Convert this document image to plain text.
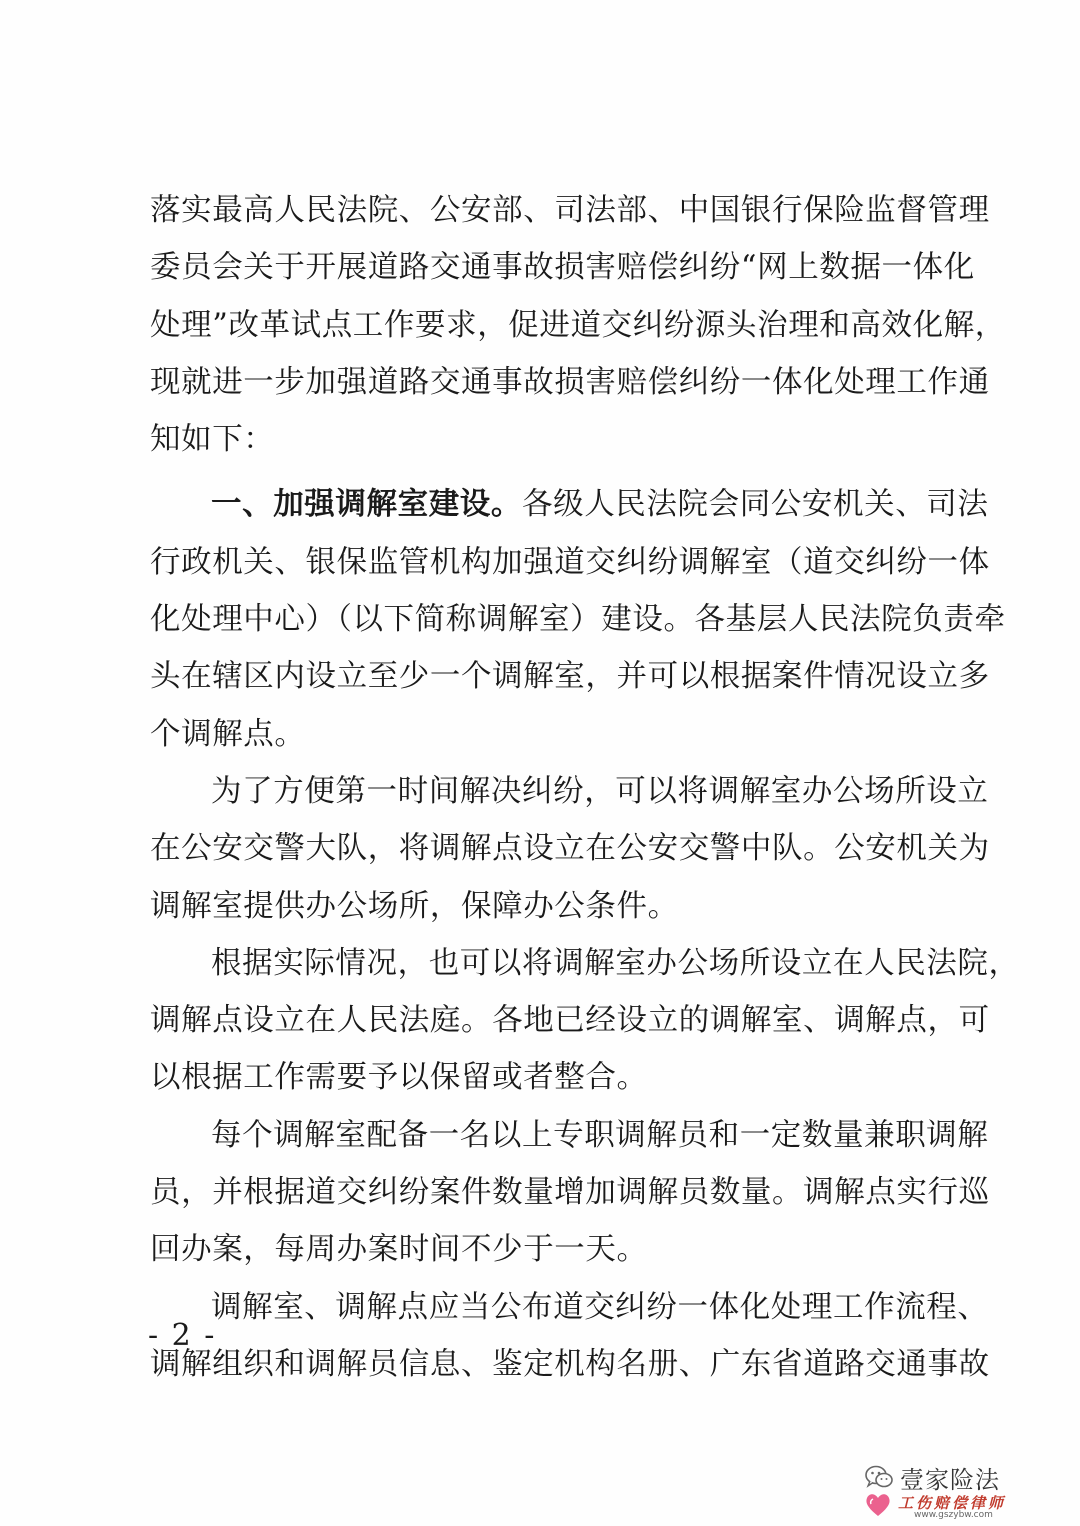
落实最高人民法院、公安部、司法部、中国银行保险监督管理
委员会关于开展道路交通事故损害赔偿纠纷“网上数据一体化
处理”改革试点工作要求，促进道交纠纷源头治理和高效化解，
现就进一步加强道路交通事故损害赔偿纠纷一体化处理工作通
知如下：
一、加强调解室建设。各级人民法院会同公安机关、司法
行政机关、银保监管机构加强道交纠纷调解室（道交纠纷一体
化处理中心）（以下简称调解室）建设。各基层人民法院负责牵
头在辖区内设立至少一个调解室，并可以根据案件情况设立多
个调解点。
为了方便第一时间解决纠纷，可以将调解室办公场所设立
在公安交警大队，将调解点设立在公安交警中队。公安机关为
调解室提供办公场所，保障办公条件。
根据实际情况，也可以将调解室办公场所设立在人民法院，
调解点设立在人民法庭。各地已经设立的调解室、调解点，可
以根据工作需要予以保留或者整合。
每个调解室配备一名以上专职调解员和一定数量兼职调解
员，并根据道交纠纷案件数量增加调解员数量。调解点实行巡
回办案，每周办案时间不少于一天。
调解室、调解点应当公布道交纠纷一体化处理工作流程、
调解组织和调解员信息、鉴定机构名册、广东省道路交通事故
- 2 -
壹家险法
工伤赔偿律师
www.gszybw.com
